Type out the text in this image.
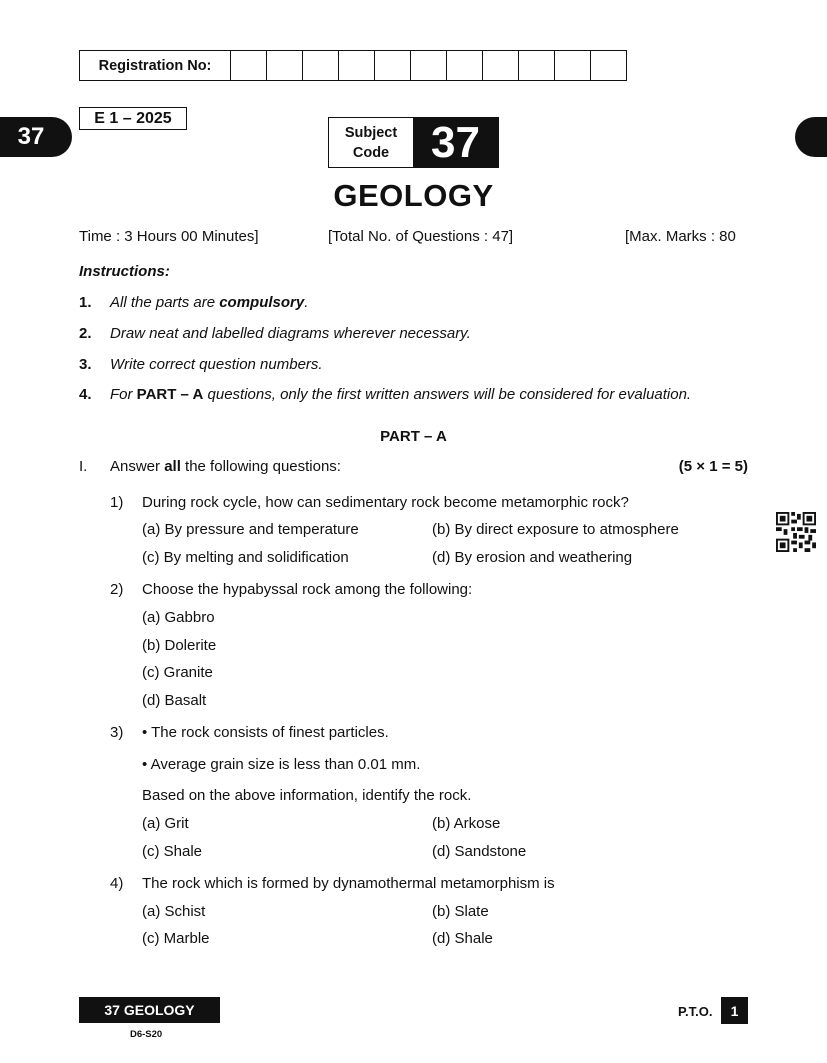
Registration No:
37
E 1 – 2025
Subject
Code 37
GEOLOGY
Time : 3 Hours 00 Minutes]	[Total No. of Questions : 47]	[Max. Marks : 80
Instructions:
1. All the parts are compulsory.
2. Draw neat and labelled diagrams wherever necessary.
3. Write correct question numbers.
4. For PART – A questions, only the first written answers will be considered for evaluation.
PART – A
I. Answer all the following questions:	(5 × 1 = 5)
1) During rock cycle, how can sedimentary rock become metamorphic rock?
(a) By pressure and temperature	(b) By direct exposure to atmosphere
(c) By melting and solidification	(d) By erosion and weathering
2) Choose the hypabyssal rock among the following:
(a) Gabbro
(b) Dolerite
(c) Granite
(d) Basalt
3) • The rock consists of finest particles.
• Average grain size is less than 0.01 mm.
Based on the above information, identify the rock.
(a) Grit	(b) Arkose
(c) Shale	(d) Sandstone
4) The rock which is formed by dynamothermal metamorphism is
(a) Schist	(b) Slate
(c) Marble	(d) Shale
37 GEOLOGY
D6-S20
P.T.O.	1
